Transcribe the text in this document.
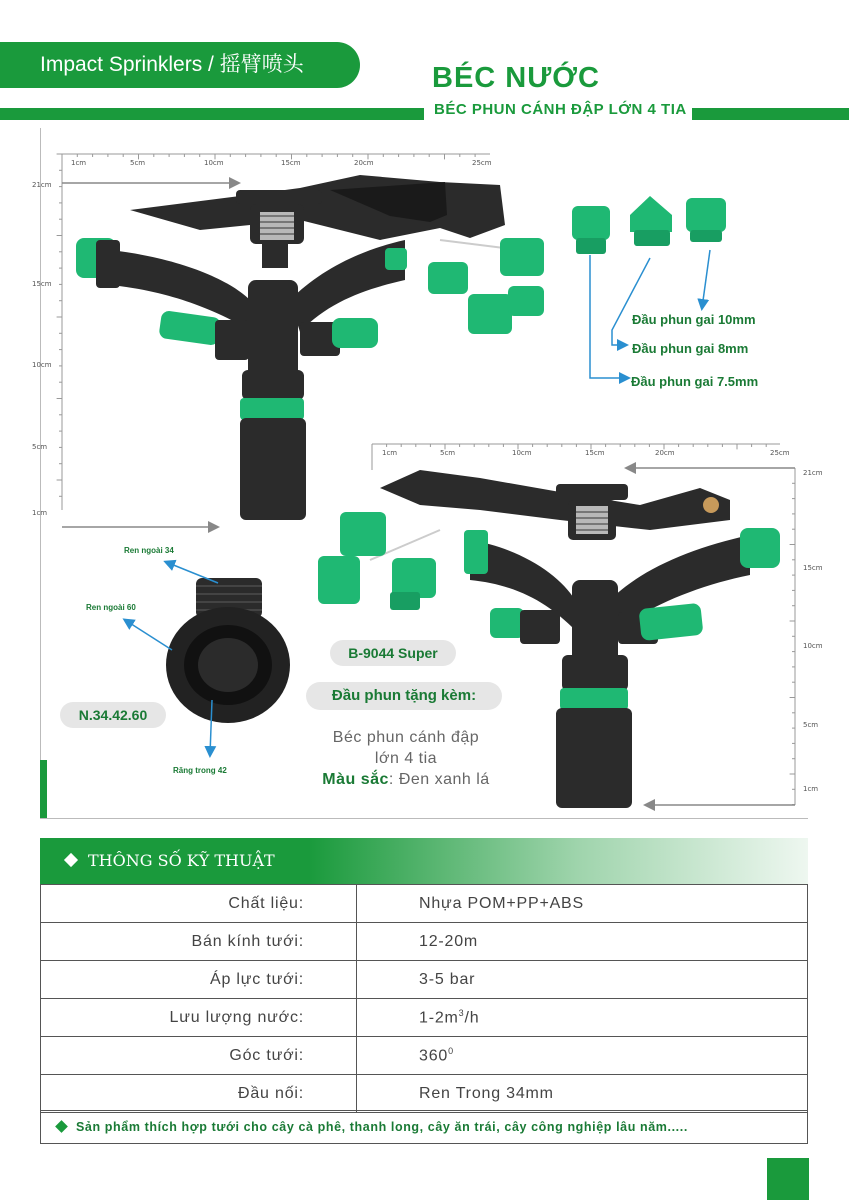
Impact Sprinklers / 摇臂喷头	BÉC NƯỚC
BÉC PHUN CÁNH ĐẬP LỚN 4 TIA
1cm	5cm	10cm	15cm	20cm	25cm
21cm
15cm
10cm
5cm
1cm
1cm	5cm	10cm	15cm	20cm	25cm
21cm
15cm
10cm
5cm
1cm
Đầu phun gai 10mm
Đầu phun gai 8mm
Đầu phun gai 7.5mm
Ren ngoài 34
Ren ngoài 60
Răng trong 42
N.34.42.60
B-9044 Super
Đầu phun tặng kèm:
Béc phun cánh đập
lớn 4 tia
Màu sắc: Đen xanh lá
THÔNG SỐ KỸ THUẬT
Chất liệu:	Nhựa POM+PP+ABS
Bán kính tưới:	12-20m
Áp lực tưới:	3-5 bar
Lưu lượng nước:	$1-2m^3/h$
Góc tưới:	$360^0$
Đầu nối:	Ren Trong 34mm
Sản phẩm thích hợp tưới cho cây cà phê, thanh long, cây ăn trái, cây công nghiệp lâu năm.....
